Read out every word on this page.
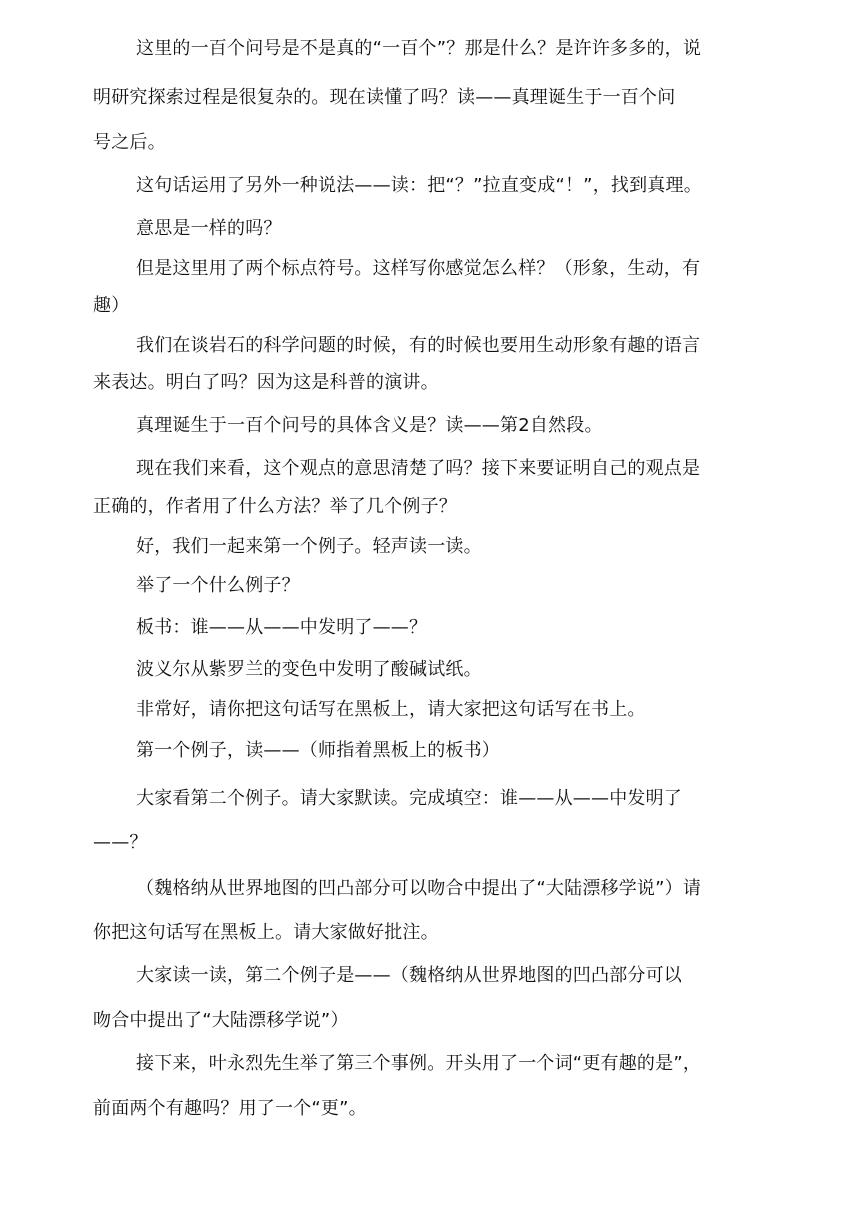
这里的一百个问号是不是真的“一百个”？那是什么？是许许多多的，说
明研究探索过程是很复杂的。现在读懂了吗？读——真理诞生于一百个问
号之后。
这句话运用了另外一种说法——读：把“？”拉直变成“！”，找到真理。
意思是一样的吗？
但是这里用了两个标点符号。这样写你感觉怎么样？（形象，生动，有
趣）
我们在谈岩石的科学问题的时候，有的时候也要用生动形象有趣的语言
来表达。明白了吗？因为这是科普的演讲。
真理诞生于一百个问号的具体含义是？读——第2自然段。
现在我们来看，这个观点的意思清楚了吗？接下来要证明自己的观点是
正确的，作者用了什么方法？举了几个例子？
好，我们一起来第一个例子。轻声读一读。
举了一个什么例子？
板书：谁——从——中发明了——？
波义尔从紫罗兰的变色中发明了酸碱试纸。
非常好，请你把这句话写在黑板上，请大家把这句话写在书上。
第一个例子，读——（师指着黑板上的板书）
大家看第二个例子。请大家默读。完成填空：谁——从——中发明了
——？
（魏格纳从世界地图的凹凸部分可以吻合中提出了“大陆漂移学说”）请
你把这句话写在黑板上。请大家做好批注。
大家读一读，第二个例子是——（魏格纳从世界地图的凹凸部分可以
吻合中提出了“大陆漂移学说”）
接下来，叶永烈先生举了第三个事例。开头用了一个词“更有趣的是”，
前面两个有趣吗？用了一个“更”。
